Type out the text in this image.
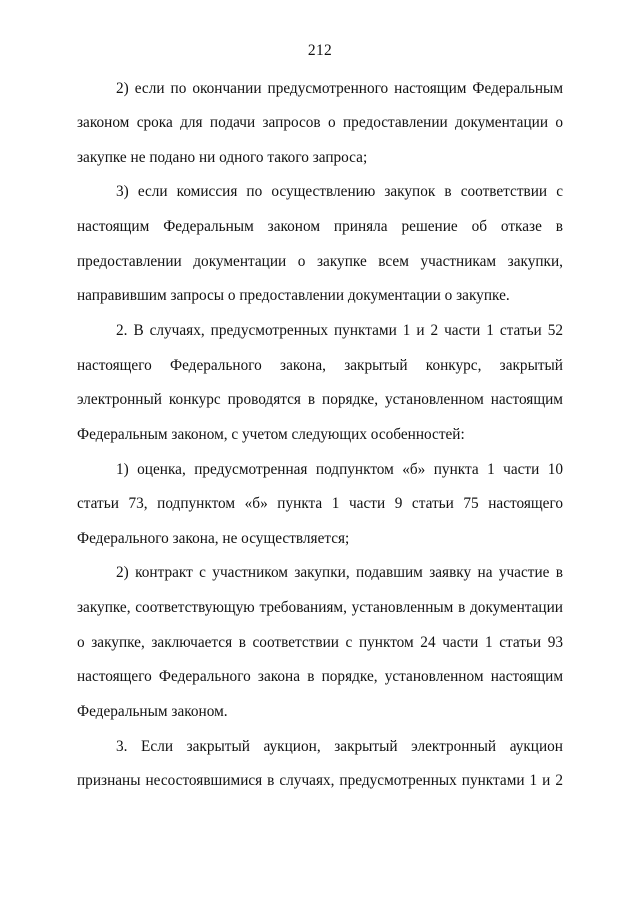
212
2) если по окончании предусмотренного настоящим Федеральным
законом срока для подачи запросов о предоставлении документации о
закупке не подано ни одного такого запроса;
3) если комиссия по осуществлению закупок в соответствии с
настоящим Федеральным законом приняла решение об отказе в
предоставлении документации о закупке всем участникам закупки,
направившим запросы о предоставлении документации о закупке.
2. В случаях, предусмотренных пунктами 1 и 2 части 1 статьи 52
настоящего Федерального закона, закрытый конкурс, закрытый
электронный конкурс проводятся в порядке, установленном настоящим
Федеральным законом, с учетом следующих особенностей:
1) оценка, предусмотренная подпунктом «б» пункта 1 части 10
статьи 73, подпунктом «б» пункта 1 части 9 статьи 75 настоящего
Федерального закона, не осуществляется;
2) контракт с участником закупки, подавшим заявку на участие в
закупке, соответствующую требованиям, установленным в документации
о закупке, заключается в соответствии с пунктом 24 части 1 статьи 93
настоящего Федерального закона в порядке, установленном настоящим
Федеральным законом.
3. Если закрытый аукцион, закрытый электронный аукцион
признаны несостоявшимися в случаях, предусмотренных пунктами 1 и 2
